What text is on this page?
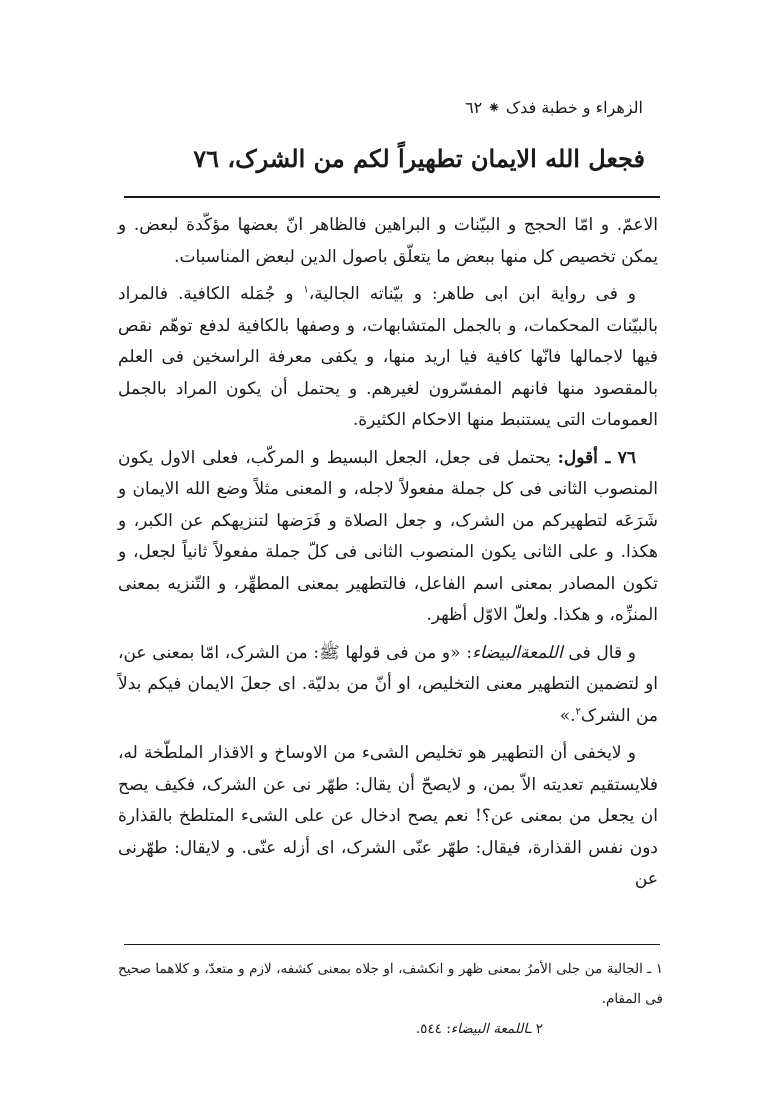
الزهراء و خطبة فدک ⁕ ٦٢
فجعل الله الایمان تطهیراً لکم من الشرک، ٧٦

الاعمّ. و امّا الحجج و البیّنات و البراهین فالظاهر انّ بعضها مؤکّدة لبعض. و یمکن تخصیص کل منها ببعض ما یتعلّق باصول الدین لبعض المناسبات.

و فی روایة ابن ابی طاهر: و بیّناته الجالیة،$^١$ و جُمَله الکافیة. فالمراد بالبیّنات المحکمات، و بالجمل المتشابهات، و وصفها بالکافیة لدفع توهّم نقص فیها لاجمالها فانّها کافیة فیا ارید منها، و یکفی معرفة الراسخین فی العلم بالمقصود منها فانهم المفسّرون لغیرهم. و یحتمل أن یکون المراد بالجمل العمومات التی یستنبط منها الاحکام الکثیرة.

٧٦ ـ أقول: یحتمل فی جعل، الجعل البسیط و المرکّب، فعلی الاول یکون المنصوب الثانی فی کل جملة مفعولاً لاجله، و المعنی مثلاً وضع الله الایمان و شَرَعَه لتطهیرکم من الشرک، و جعل الصلاة و فَرَضها لتنزیهکم عن الکبر، و هکذا. و علی الثانی یکون المنصوب الثانی فی کلّ جملة مفعولاً ثانیاً لجعل، و تکون المصادر بمعنی اسم الفاعل، فالتطهیر بمعنی المطهِّر، و التّنزیه بمعنی المنزِّه، و هکذا. ولعلّ الاوّل أظهر.

و قال فی اللمعةالبیضاء: «و من فی قولها ﷺ: من الشرک، امّا بمعنی عن، او لتضمین التطهیر معنی التخلیص، او أنّ من بدلیّة. ای جعلَ الایمان فیکم بدلاً من الشرک$^٢$.»

و لایخفی أن التطهیر هو تخلیص الشیء من الاوساخ و الاقذار الملطّخة له، فلایستقیم تعدیته الاّ بمن، و لایصحّ أن یقال: طهّر نی عن الشرک، فکیف یصح ان یجعل من بمعنی عن؟! نعم یصح ادخال عن علی الشیء المتلطخ بالقذارة دون نفس القذارة، فیقال: طهّر عنّی الشرک، ای أزله عنّی. و لایقال: طهّرنی عن

١ ـ الجالیة من جلی الأمرُ بمعنی ظهر و انکشف، او جلاه بمعنی کشفه، لازم و متعدّ، و کلاهما صحیح فی المقام.

٢ ـاللمعة البیضاء: ٥٤٤.
